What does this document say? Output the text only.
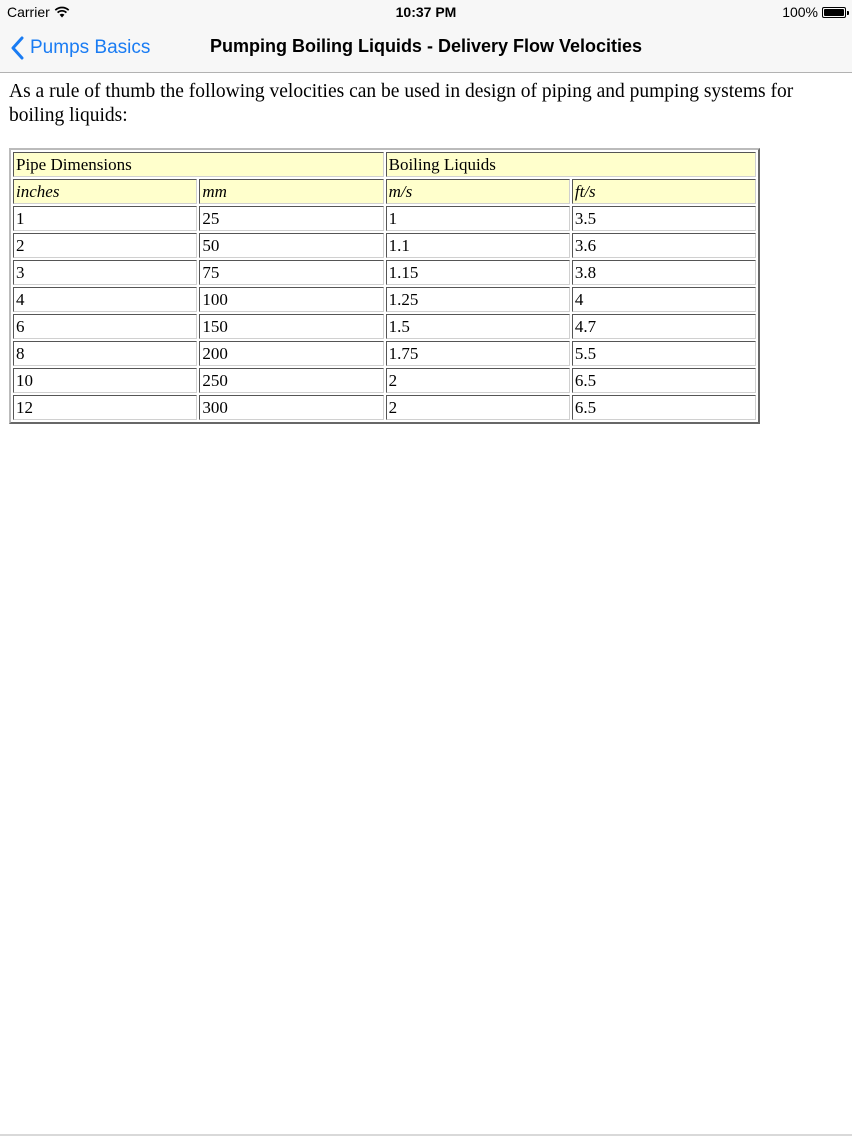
Carrier	10:37 PM	100%
Pumps Basics	Pumping Boiling Liquids - Delivery Flow Velocities

As a rule of thumb the following velocities can be used in design of piping and pumping systems for boiling liquids:

Pipe Dimensions		Boiling Liquids	
inches	mm	m/s	ft/s
1	25	1	3.5
2	50	1.1	3.6
3	75	1.15	3.8
4	100	1.25	4
6	150	1.5	4.7
8	200	1.75	5.5
10	250	2	6.5
12	300	2	6.5
